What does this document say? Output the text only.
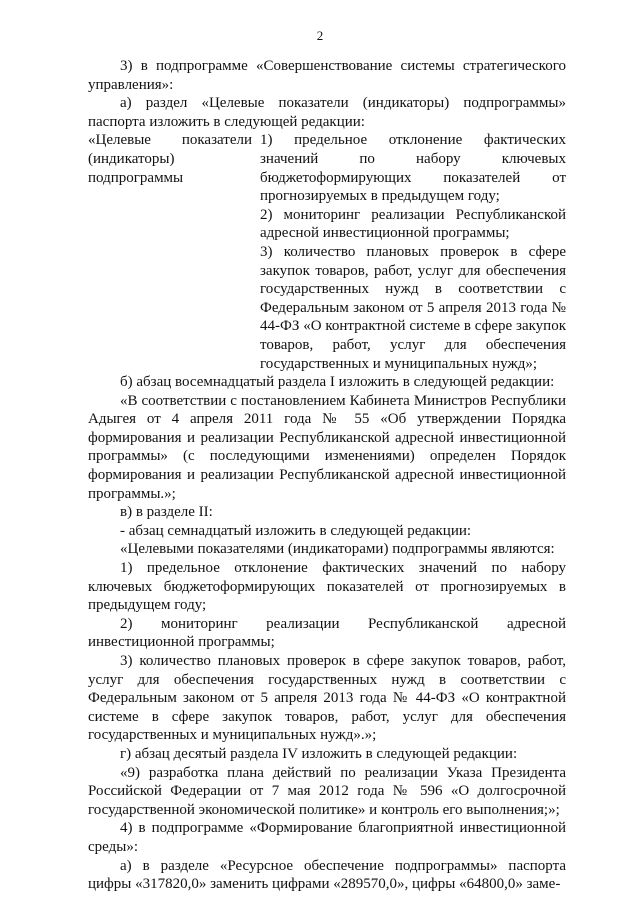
2

3) в подпрограмме «Совершенствование системы стратегического управления»:

а) раздел «Целевые показатели (индикаторы) подпрограммы» паспорта изложить в следующей редакции:

«Целевые показатели (индикаторы) подпрограммы

1) предельное отклонение фактических значений по набору ключевых бюджетоформирующих показателей от прогнозируемых в предыдущем году;

2) мониторинг реализации Республиканской адресной инвестиционной программы;

3) количество плановых проверок в сфере закупок товаров, работ, услуг для обеспечения государственных нужд в соответствии с Федеральным законом от 5 апреля 2013 года № 44-ФЗ «О контрактной системе в сфере закупок товаров, работ, услуг для обеспечения государственных и муниципальных нужд»;

б) абзац восемнадцатый раздела I изложить в следующей редакции:

«В соответствии с постановлением Кабинета Министров Республики Адыгея от 4 апреля 2011 года № 55 «Об утверждении Порядка формирования и реализации Республиканской адресной инвестиционной программы» (с последующими изменениями) определен Порядок формирования и реализации Республиканской адресной инвестиционной программы.»;

в) в разделе II:

- абзац семнадцатый изложить в следующей редакции:

«Целевыми показателями (индикаторами) подпрограммы являются:

1) предельное отклонение фактических значений по набору ключевых бюджетоформирующих показателей от прогнозируемых в предыдущем году;

2) мониторинг реализации Республиканской адресной инвестиционной программы;

3) количество плановых проверок в сфере закупок товаров, работ, услуг для обеспечения государственных нужд в соответствии с Федеральным законом от 5 апреля 2013 года № 44-ФЗ «О контрактной системе в сфере закупок товаров, работ, услуг для обеспечения государственных и муниципальных нужд».»;

г) абзац десятый раздела IV изложить в следующей редакции:

«9) разработка плана действий по реализации Указа Президента Российской Федерации от 7 мая 2012 года № 596 «О долгосрочной государственной экономической политике» и контроль его выполнения;»;

4) в подпрограмме «Формирование благоприятной инвестиционной среды»:

а) в разделе «Ресурсное обеспечение подпрограммы» паспорта цифры «317820,0» заменить цифрами «289570,0», цифры «64800,0» заме-
